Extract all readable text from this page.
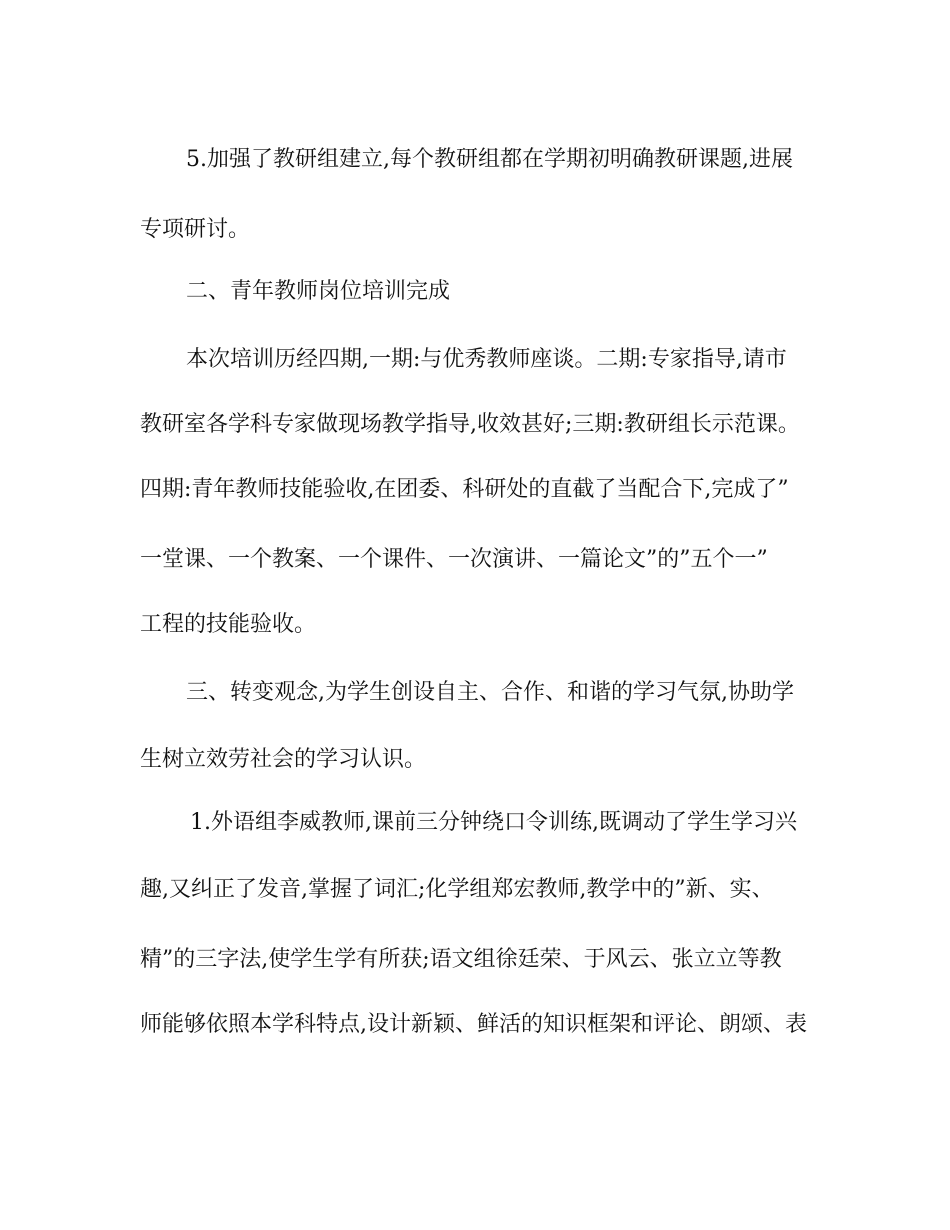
5.加强了教研组建立,每个教研组都在学期初明确教研课题,进展

专项研讨。

二、青年教师岗位培训完成

本次培训历经四期,一期:与优秀教师座谈。二期:专家指导,请市

教研室各学科专家做现场教学指导,收效甚好;三期:教研组长示范课。

四期:青年教师技能验收,在团委、科研处的直截了当配合下,完成了”

一堂课、一个教案、一个课件、一次演讲、一篇论文”的”五个一”

工程的技能验收。

三、转变观念,为学生创设自主、合作、和谐的学习气氛,协助学

生树立效劳社会的学习认识。

1.外语组李威教师,课前三分钟绕口令训练,既调动了学生学习兴

趣,又纠正了发音,掌握了词汇;化学组郑宏教师,教学中的”新、实、

精”的三字法,使学生学有所获;语文组徐廷荣、于风云、张立立等教

师能够依照本学科特点,设计新颖、鲜活的知识框架和评论、朗颂、表
